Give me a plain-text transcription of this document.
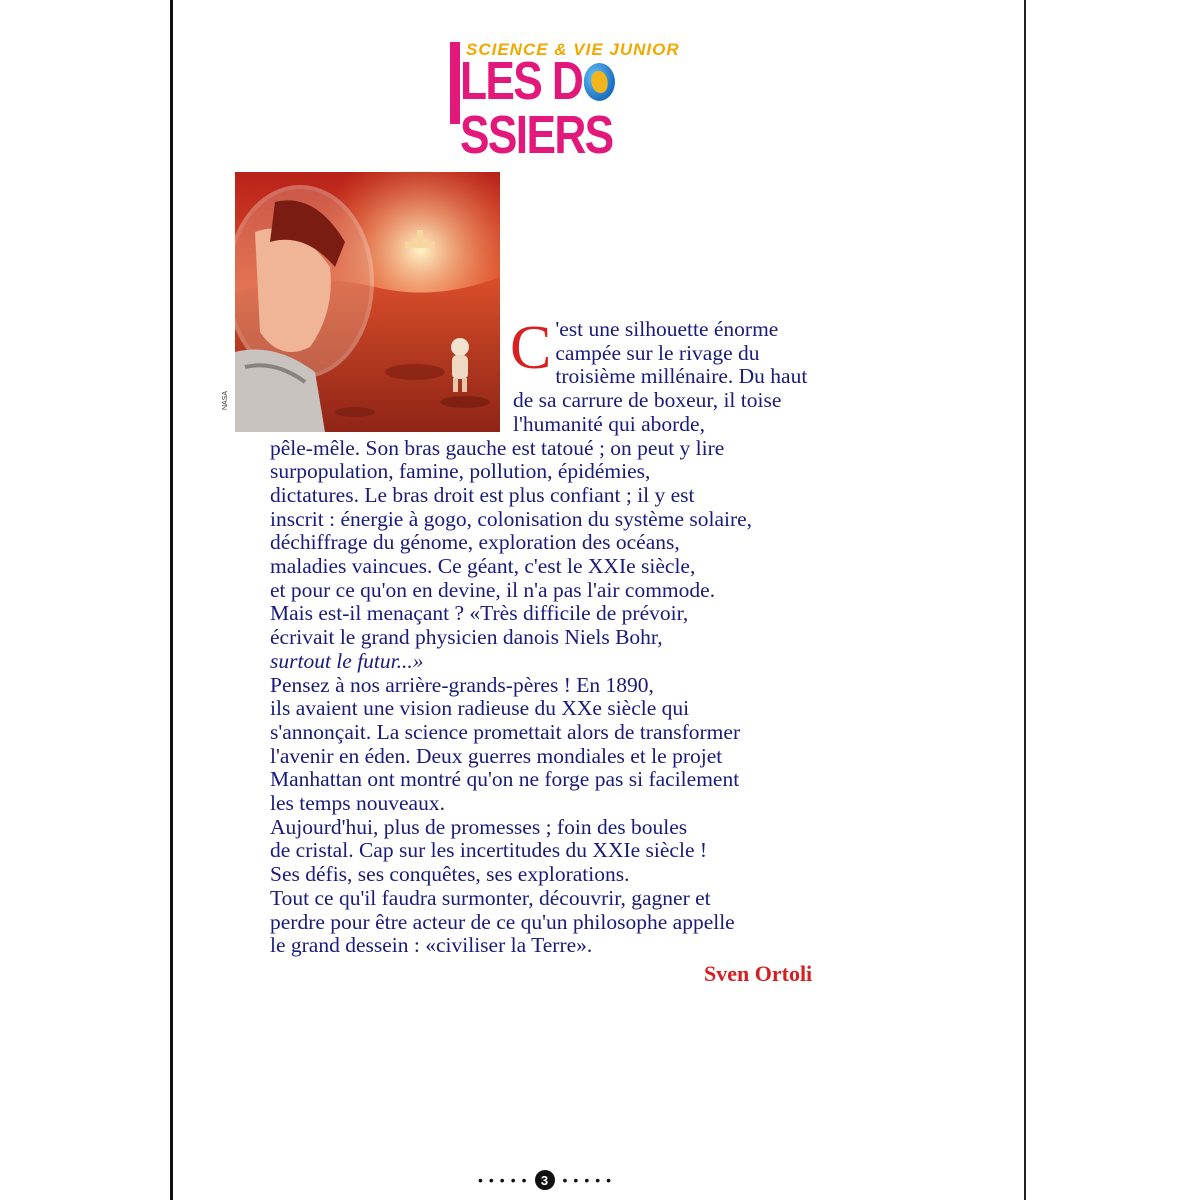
SCIENCE & VIE JUNIOR
LES DSSIERS
NASA
C 'est une silhouette énorme
campée sur le rivage du
troisième millénaire. Du haut
de sa carrure de boxeur, il toise
l'humanité qui aborde,
pêle-mêle. Son bras gauche est tatoué ; on peut y lire
surpopulation, famine, pollution, épidémies,
dictatures. Le bras droit est plus confiant ; il y est
inscrit : énergie à gogo, colonisation du système solaire,
déchiffrage du génome, exploration des océans,
maladies vaincues. Ce géant, c'est le XXIe siècle,
et pour ce qu'on en devine, il n'a pas l'air commode.
Mais est-il menaçant ? «Très difficile de prévoir,
écrivait le grand physicien danois Niels Bohr,
surtout le futur...»
Pensez à nos arrière-grands-pères ! En 1890,
ils avaient une vision radieuse du XXe siècle qui
s'annonçait. La science promettait alors de transformer
l'avenir en éden. Deux guerres mondiales et le projet
Manhattan ont montré qu'on ne forge pas si facilement
les temps nouveaux.
Aujourd'hui, plus de promesses ; foin des boules
de cristal. Cap sur les incertitudes du XXIe siècle !
Ses défis, ses conquêtes, ses explorations.
Tout ce qu'il faudra surmonter, découvrir, gagner et
perdre pour être acteur de ce qu'un philosophe appelle
le grand dessein : «civiliser la Terre».
Sven Ortoli
••••• 3	•••••
